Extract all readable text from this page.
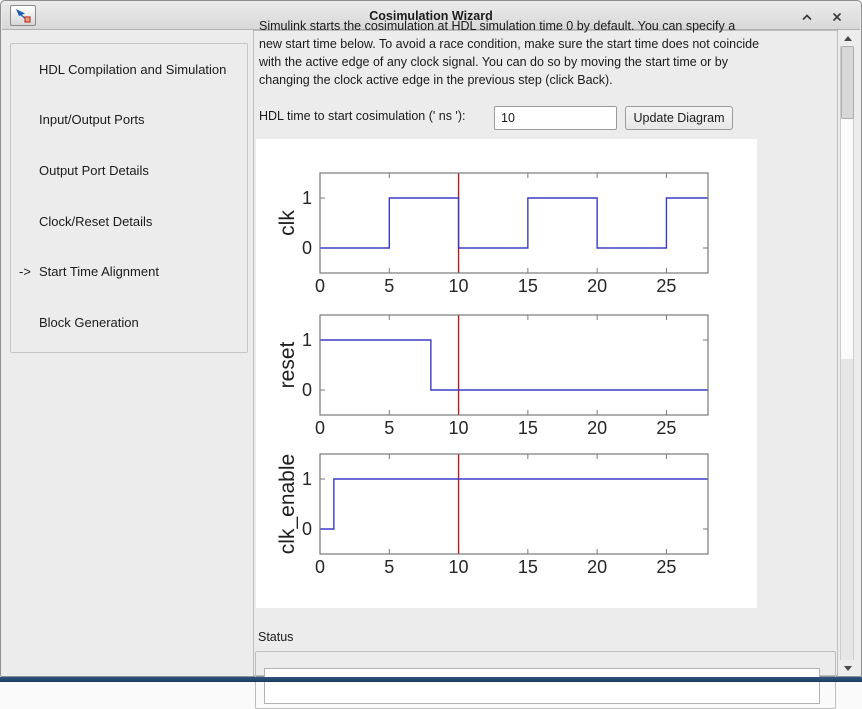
Cosimulation Wizard
HDL Compilation and Simulation
Input/Output Ports
Output Port Details
Clock/Reset Details
-> Start Time Alignment
Block Generation
Simulink starts the cosimulation at HDL simulation time 0 by default. You can specify a
new start time below. To avoid a race condition, make sure the start time does not coincide
with the active edge of any clock signal. You can do so by moving the start time or by
changing the clock active edge in the previous step (click Back).
HDL time to start cosimulation (' ns '):
10	Update Diagram
0	5	10	15	20	25
0
1
clk
0	5	10	15	20	25
0
1
reset
0	5	10	15	20	25
0
1
clk_enable
Status
